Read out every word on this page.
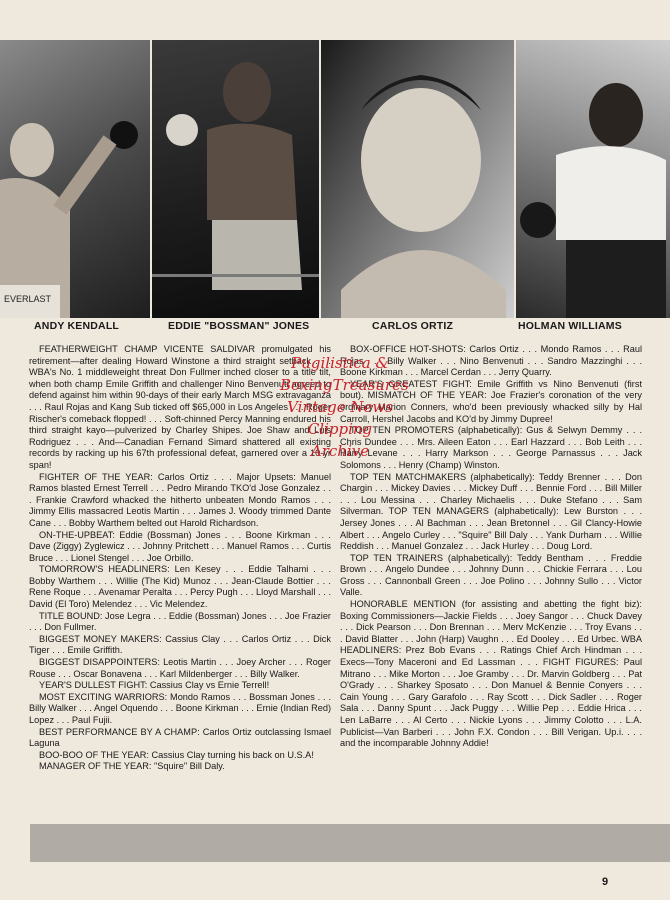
EVERLAST
ANDY KENDALL	EDDIE "BOSSMAN" JONES	CARLOS ORTIZ	HOLMAN WILLIAMS

FEATHERWEIGHT CHAMP VICENTE SALDIVAR promulgated his retirement—after dealing Howard Winstone a third straight setback . . . WBA's No. 1 middleweight threat Don Fullmer inched closer to a title tilt, when both champ Emile Griffith and challenger Nino Benvenuti agreed to defend against him within 90-days of their early March MSG extravaganza . . . Raul Rojas and Kang Sub ticked off $65,000 in Los Angeles . . . Roger Rischer's comeback flopped! . . . Soft-chinned Percy Manning endured his third straight kayo—pulverized by Charley Shipes. Joe Shaw and Luis Rodriguez . . . And—Canadian Fernand Simard shattered all existing records by racking up his 67th professional defeat, garnered over a 10-yr span!

FIGHTER OF THE YEAR: Carlos Ortiz . . . Major Upsets: Manuel Ramos blasted Ernest Terrell . . . Pedro Mirando TKO'd Jose Gonzalez . . . Frankie Crawford whacked the hitherto unbeaten Mondo Ramos . . . Jimmy Ellis massacred Leotis Martin . . . James J. Woody trimmed Dante Cane . . . Bobby Warthem belted out Harold Richardson.

ON-THE-UPBEAT: Eddie (Bossman) Jones . . . Boone Kirkman . . . Dave (Ziggy) Zyglewicz . . . Johnny Pritchett . . . Manuel Ramos . . . Curtis Bruce . . . Lionel Stengel . . . Joe Orbillo.

TOMORROW'S HEADLINERS: Len Kesey . . . Eddie Talhami . . . Bobby Warthem . . . Willie (The Kid) Munoz . . . Jean-Claude Bottier . . . Rene Roque . . . Avenamar Peralta . . . Percy Pugh . . . Lloyd Marshall . . . David (El Toro) Melendez . . . Vic Melendez.

TITLE BOUND: Jose Legra . . . Eddie (Bossman) Jones . . . Joe Frazier . . . Don Fullmer.

BIGGEST MONEY MAKERS: Cassius Clay . . . Carlos Ortiz . . . Dick Tiger . . . Emile Griffith.

BIGGEST DISAPPOINTERS: Leotis Martin . . . Joey Archer . . . Roger Rouse . . . Oscar Bonavena . . . Karl Mildenberger . . . Billy Walker.

YEAR'S DULLEST FIGHT: Cassius Clay vs Ernie Terrell!

MOST EXCITING WARRIORS: Mondo Ramos . . . Bossman Jones . . . Billy Walker . . . Angel Oquendo . . . Boone Kirkman . . . Ernie (Indian Red) Lopez . . . Paul Fujii.

BEST PERFORMANCE BY A CHAMP: Carlos Ortiz outclassing Ismael Laguna

BOO-BOO OF THE YEAR: Cassius Clay turning his back on U.S.A!

MANAGER OF THE YEAR: "Squire" Bill Daly.

BOX-OFFICE HOT-SHOTS: Carlos Ortiz . . . Mondo Ramos . . . Raul Rojas . . . Billy Walker . . . Nino Benvenuti . . . Sandro Mazzinghi . . . Boone Kirkman . . . Marcel Cerdan . . . Jerry Quarry.

YEAR'S GREATEST FIGHT: Emile Griffith vs Nino Benvenuti (first bout). MISMATCH OF THE YEAR: Joe Frazier's coronation of the very ordinary Marion Conners, who'd been previously whacked silly by Hal Carroll, Hershel Jacobs and KO'd by Jimmy Dupree!

TOP TEN PROMOTERS (alphabetically): Gus & Selwyn Demmy . . . Chris Dundee . . . Mrs. Aileen Eaton . . . Earl Hazzard . . . Bob Leith . . . Harry Levane . . . Harry Markson . . . George Parnassus . . . Jack Solomons . . . Henry (Champ) Winston.

TOP TEN MATCHMAKERS (alphabetically): Teddy Brenner . . . Don Chargin . . . Mickey Davies . . . Mickey Duff . . . Bennie Ford . . . Bill Miller . . . Lou Messina . . . Charley Michaelis . . . Duke Stefano . . . Sam Silverman. TOP TEN MANAGERS (alphabetically): Lew Burston . . . Jersey Jones . . . Al Bachman . . . Jean Bretonnel . . . Gil Clancy-Howie Albert . . . Angelo Curley . . . "Squire" Bill Daly . . . Yank Durham . . . Willie Reddish . . . Manuel Gonzalez . . . Jack Hurley . . . Doug Lord.

TOP TEN TRAINERS (alphabetically): Teddy Bentham . . . Freddie Brown . . . Angelo Dundee . . . Johnny Dunn . . . Chickie Ferrara . . . Lou Gross . . . Cannonball Green . . . Joe Polino . . . Johnny Sullo . . . Victor Valle.

HONORABLE MENTION (for assisting and abetting the fight biz): Boxing Commissioners—Jackie Fields . . . Joey Sangor . . . Chuck Davey . . . Dick Pearson . . . Don Brennan . . . Merv McKenzie . . . Troy Evans . . . David Blatter . . . John (Harp) Vaughn . . . Ed Dooley . . . Ed Urbec. WBA HEADLINERS: Prez Bob Evans . . . Ratings Chief Arch Hindman . . . Execs—Tony Maceroni and Ed Lassman . . . FIGHT FIGURES: Paul Mitrano . . . Mike Morton . . . Joe Gramby . . . Dr. Marvin Goldberg . . . Pat O'Grady . . . Sharkey Sposato . . . Don Manuel & Bennie Conyers . . . Cain Young . . . Gary Garafolo . . . Ray Scott . . . Dick Sadler . . . Roger Sala . . . Danny Spunt . . . Jack Puggy . . . Willie Pep . . . Eddie Hrica . . . Len LaBarre . . . Al Certo . . . Nickie Lyons . . . Jimmy Colotto . . . L.A. Publicist—Van Barberi . . . John F.X. Condon . . . Bill Verigan. Up.i. . . . and the incomparable Johnny Addie!

Pugilistica & BoxingTreasures Vintage News Clipping Archive
9
